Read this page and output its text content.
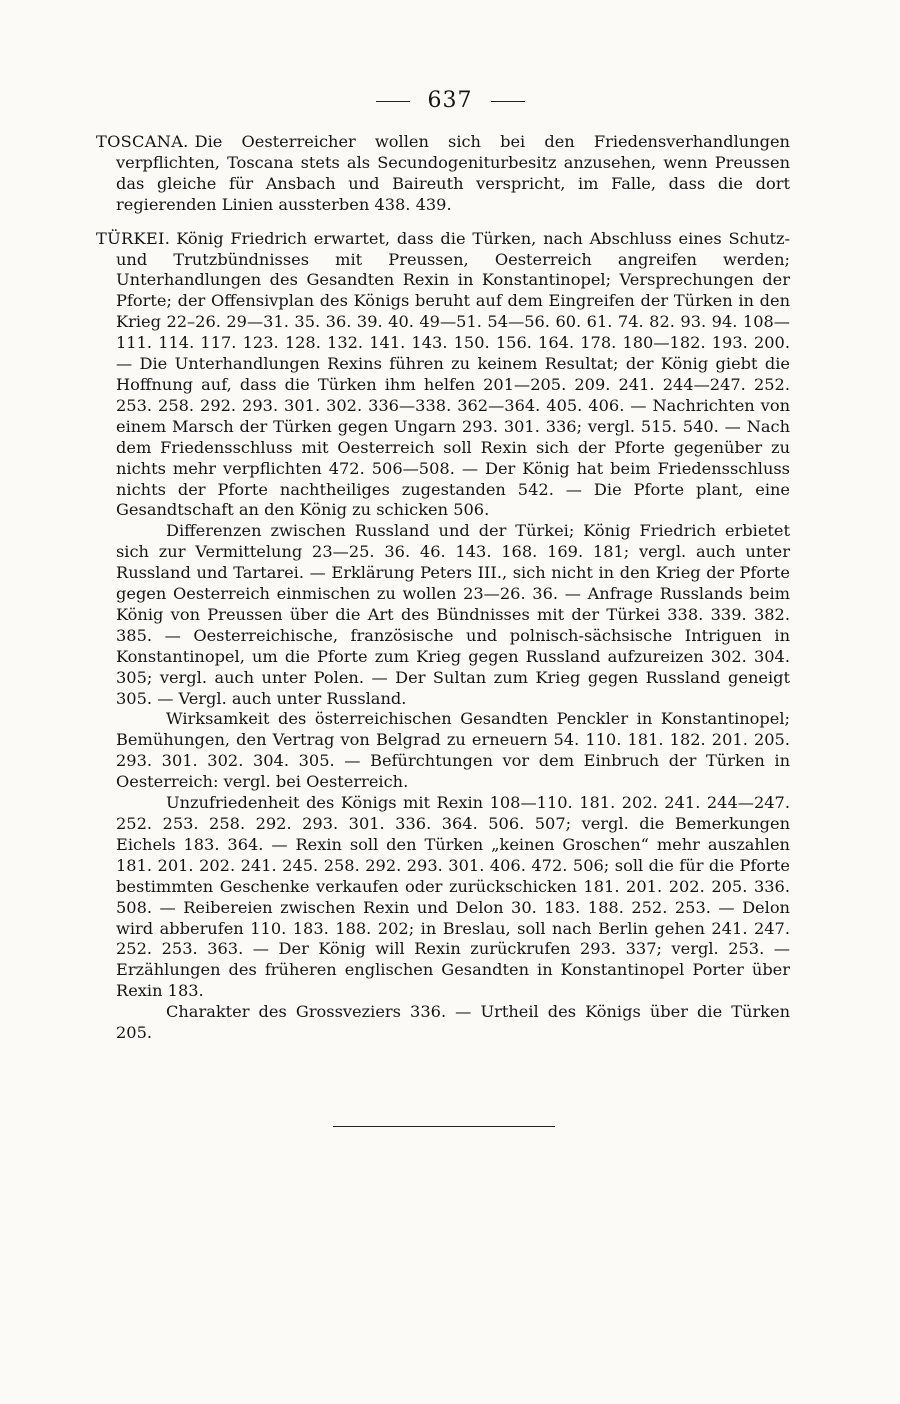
637

TOSCANA. Die Oesterreicher wollen sich bei den Friedensverhandlungen verpflichten, Toscana stets als Secundogeniturbesitz anzusehen, wenn Preussen das gleiche für Ansbach und Baireuth verspricht, im Falle, dass die dort regierenden Linien aussterben 438. 439.

TÜRKEI. König Friedrich erwartet, dass die Türken, nach Abschluss eines Schutz- und Trutzbündnisses mit Preussen, Oesterreich angreifen werden; Unterhandlungen des Gesandten Rexin in Konstantinopel; Versprechungen der Pforte; der Offensivplan des Königs beruht auf dem Eingreifen der Türken in den Krieg 22–26. 29—31. 35. 36. 39. 40. 49—51. 54—56. 60. 61. 74. 82. 93. 94. 108—111. 114. 117. 123. 128. 132. 141. 143. 150. 156. 164. 178. 180—182. 193. 200. — Die Unterhandlungen Rexins führen zu keinem Resultat; der König giebt die Hoffnung auf, dass die Türken ihm helfen 201—205. 209. 241. 244—247. 252. 253. 258. 292. 293. 301. 302. 336—338. 362—364. 405. 406. — Nachrichten von einem Marsch der Türken gegen Ungarn 293. 301. 336; vergl. 515. 540. — Nach dem Friedensschluss mit Oesterreich soll Rexin sich der Pforte gegenüber zu nichts mehr verpflichten 472. 506—508. — Der König hat beim Friedensschluss nichts der Pforte nachtheiliges zugestanden 542. — Die Pforte plant, eine Gesandtschaft an den König zu schicken 506.

Differenzen zwischen Russland und der Türkei; König Friedrich erbietet sich zur Vermittelung 23—25. 36. 46. 143. 168. 169. 181; vergl. auch unter Russland und Tartarei. — Erklärung Peters III., sich nicht in den Krieg der Pforte gegen Oesterreich einmischen zu wollen 23—26. 36. — Anfrage Russlands beim König von Preussen über die Art des Bündnisses mit der Türkei 338. 339. 382. 385. — Oesterreichische, französische und polnisch-sächsische Intriguen in Konstantinopel, um die Pforte zum Krieg gegen Russland aufzureizen 302. 304. 305; vergl. auch unter Polen. — Der Sultan zum Krieg gegen Russland geneigt 305. — Vergl. auch unter Russland.

Wirksamkeit des österreichischen Gesandten Penckler in Konstantinopel; Bemühungen, den Vertrag von Belgrad zu erneuern 54. 110. 181. 182. 201. 205. 293. 301. 302. 304. 305. — Befürchtungen vor dem Einbruch der Türken in Oesterreich: vergl. bei Oesterreich.

Unzufriedenheit des Königs mit Rexin 108—110. 181. 202. 241. 244—247. 252. 253. 258. 292. 293. 301. 336. 364. 506. 507; vergl. die Bemerkungen Eichels 183. 364. — Rexin soll den Türken „keinen Groschen“ mehr auszahlen 181. 201. 202. 241. 245. 258. 292. 293. 301. 406. 472. 506; soll die für die Pforte bestimmten Geschenke verkaufen oder zurückschicken 181. 201. 202. 205. 336. 508. — Reibereien zwischen Rexin und Delon 30. 183. 188. 252. 253. — Delon wird abberufen 110. 183. 188. 202; in Breslau, soll nach Berlin gehen 241. 247. 252. 253. 363. — Der König will Rexin zurückrufen 293. 337; vergl. 253. — Erzählungen des früheren englischen Gesandten in Konstantinopel Porter über Rexin 183.

Charakter des Grossveziers 336. — Urtheil des Königs über die Türken 205.
